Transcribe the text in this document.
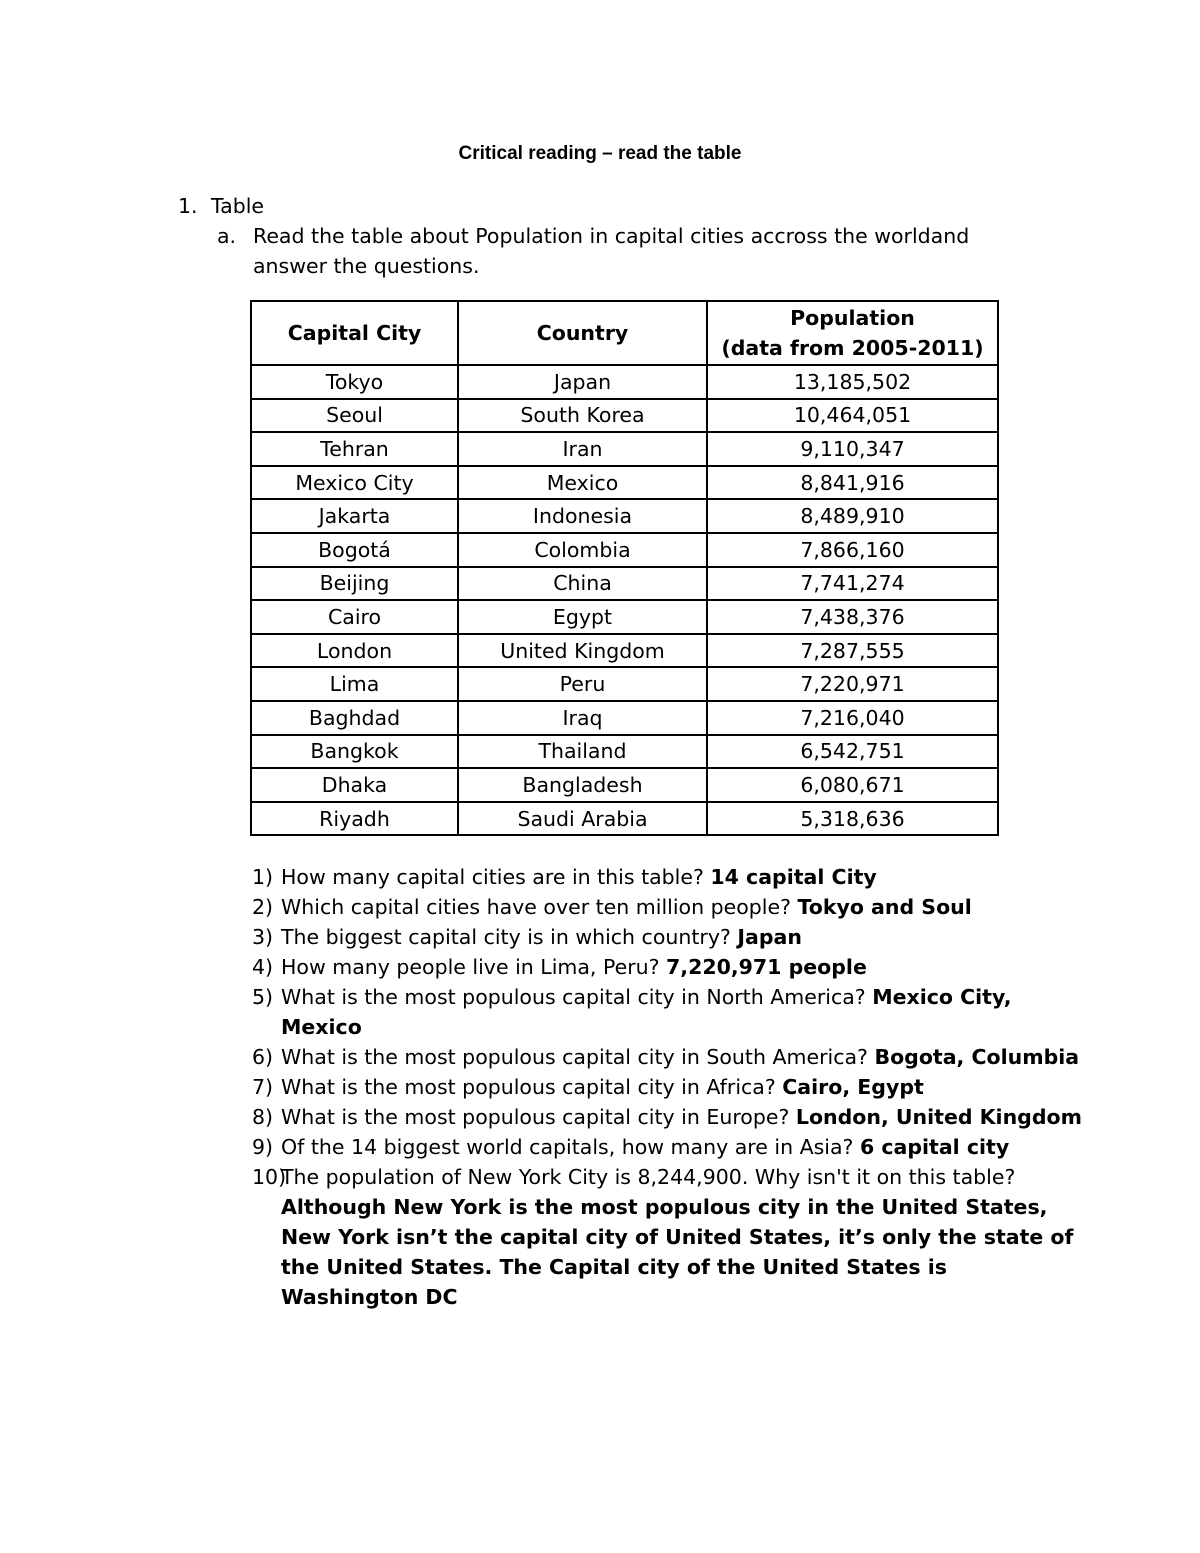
Critical reading – read the table
1. Table
a. Read the table about Population in capital cities accross the worldand answer the questions.
Capital City	Country	Population
(data from 2005-2011)
Tokyo	Japan	13,185,502
Seoul	South Korea	10,464,051
Tehran	Iran	9,110,347
Mexico City	Mexico	8,841,916
Jakarta	Indonesia	8,489,910
Bogotá	Colombia	7,866,160
Beijing	China	7,741,274
Cairo	Egypt	7,438,376
London	United Kingdom	7,287,555
Lima	Peru	7,220,971
Baghdad	Iraq	7,216,040
Bangkok	Thailand	6,542,751
Dhaka	Bangladesh	6,080,671
Riyadh	Saudi Arabia	5,318,636
1) How many capital cities are in this table? 14 capital City
2) Which capital cities have over ten million people? Tokyo and Soul
3) The biggest capital city is in which country? Japan
4) How many people live in Lima, Peru? 7,220,971 people
5) What is the most populous capital city in North America? Mexico City, Mexico
6) What is the most populous capital city in South America? Bogota, Columbia
7) What is the most populous capital city in Africa? Cairo, Egypt
8) What is the most populous capital city in Europe? London, United Kingdom
9) Of the 14 biggest world capitals, how many are in Asia? 6 capital city
10)
The population of New York City is 8,244,900. Why isn't it on this table? Although New York is the most populous city in the United States, New York isn’t the capital city of United States, it’s only the state of the United States. The Capital city of the United States is Washington DC
